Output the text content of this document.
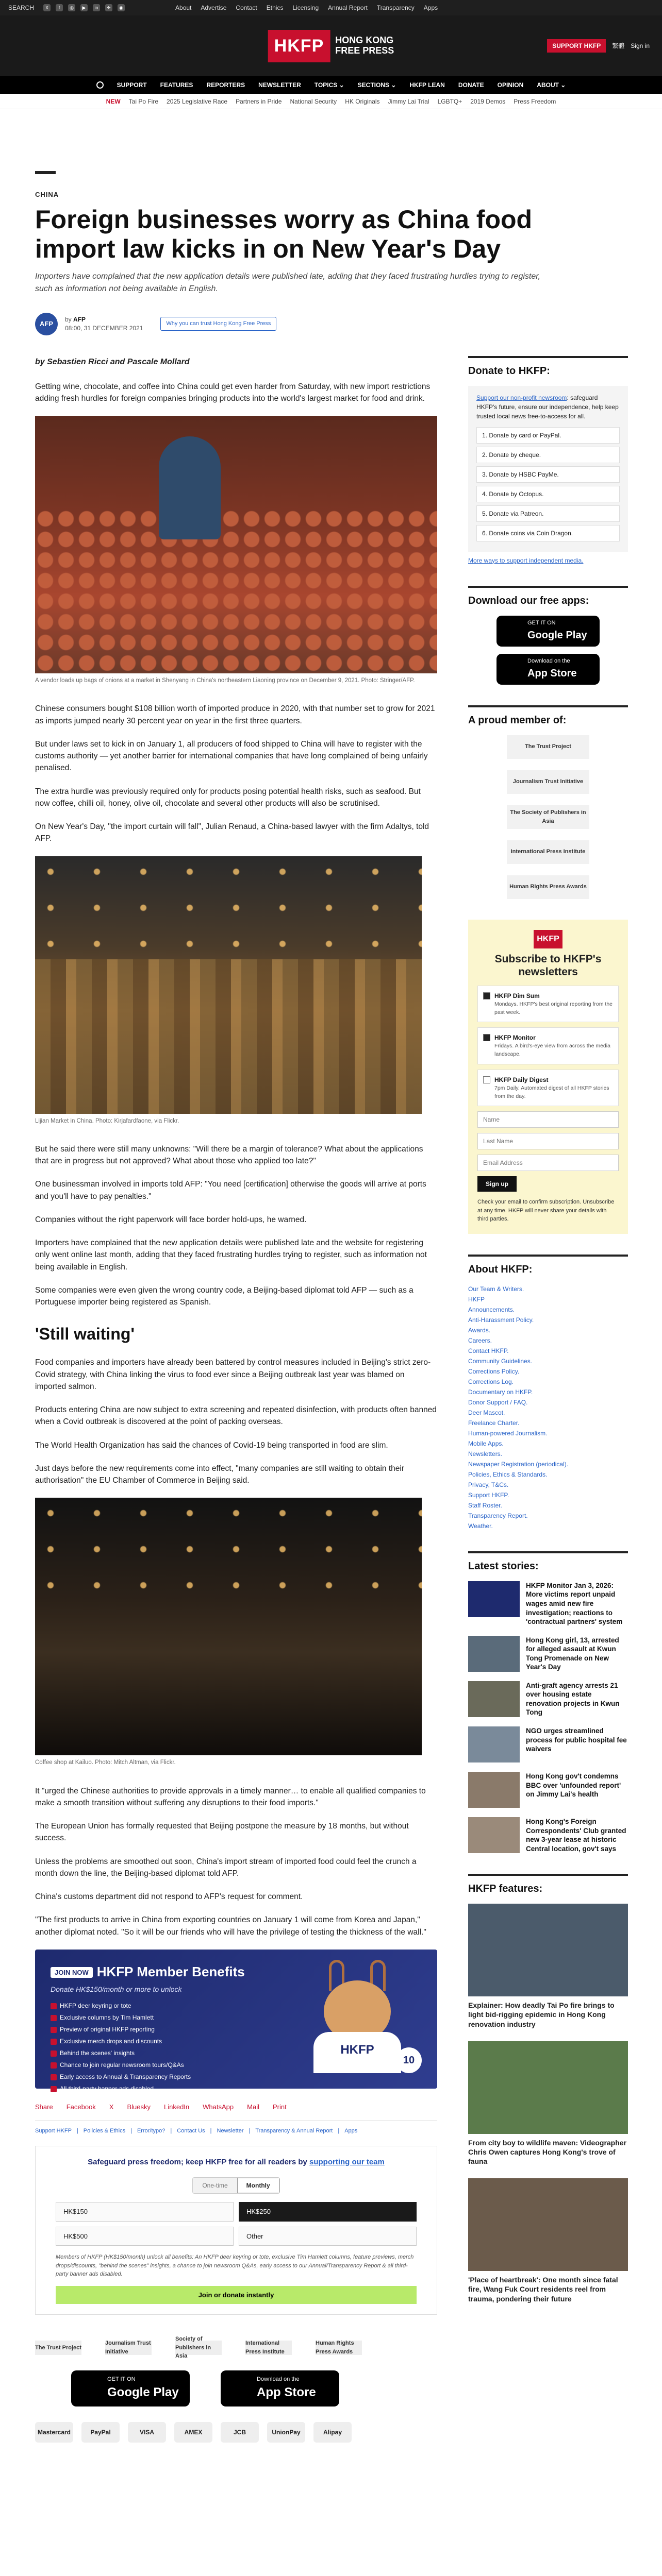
SEARCH	X	f	◎	▶	in	✈	◉	About Advertise Contact Ethics Licensing Annual Report Transparency Apps
HKFP	HONG KONG
FREE PRESS	SUPPORT HKFP	繁體 Sign in
SUPPORT FEATURES REPORTERS NEWSLETTER TOPICS ⌄ SECTIONS ⌄ HKFP LEAN DONATE OPINION ABOUT ⌄
NEW Tai Po Fire 2025 Legislative Race Partners in Pride National Security HK Originals Jimmy Lai Trial LGBTQ+ 2019 Demos Press Freedom
CHINA
Foreign businesses worry as China food import law kicks in on New Year's Day
Importers have complained that the new application details were published late, adding that they faced frustrating hurdles trying to register, such as information not being available in English.
AFP
by AFP
08:00, 31 DECEMBER 2021
Why you can trust Hong Kong Free Press
by Sebastien Ricci and Pascale Mollard

Getting wine, chocolate, and coffee into China could get even harder from Saturday, with new import restrictions adding fresh hurdles for foreign companies bringing products into the world's largest market for food and drink.

A vendor loads up bags of onions at a market in Shenyang in China's northeastern Liaoning province on December 9, 2021. Photo: Stringer/AFP.

Chinese consumers bought $108 billion worth of imported produce in 2020, with that number set to grow for 2021 as imports jumped nearly 30 percent year on year in the first three quarters.

But under laws set to kick in on January 1, all producers of food shipped to China will have to register with the customs authority — yet another barrier for international companies that have long complained of being unfairly penalised.

The extra hurdle was previously required only for products posing potential health risks, such as seafood. But now coffee, chilli oil, honey, olive oil, chocolate and several other products will also be scrutinised.

On New Year's Day, "the import curtain will fall", Julian Renaud, a China-based lawyer with the firm Adaltys, told AFP.

Lijian Market in China. Photo: Kirjafardfaone, via Flickr.

But he said there were still many unknowns: "Will there be a margin of tolerance? What about the applications that are in progress but not approved? What about those who applied too late?"

One businessman involved in imports told AFP: "You need [certification] otherwise the goods will arrive at ports and you'll have to pay penalties."

Companies without the right paperwork will face border hold-ups, he warned.

Importers have complained that the new application details were published late and the website for registering only went online last month, adding that they faced frustrating hurdles trying to register, such as information not being available in English.

Some companies were even given the wrong country code, a Beijing-based diplomat told AFP — such as a Portuguese importer being registered as Spanish.

'Still waiting'

Food companies and importers have already been battered by control measures included in Beijing's strict zero-Covid strategy, with China linking the virus to food ever since a Beijing outbreak last year was blamed on imported salmon.

Products entering China are now subject to extra screening and repeated disinfection, with products often banned when a Covid outbreak is discovered at the point of packing overseas.

The World Health Organization has said the chances of Covid-19 being transported in food are slim.

Just days before the new requirements come into effect, "many companies are still waiting to obtain their authorisation" the EU Chamber of Commerce in Beijing said.

Coffee shop at Kailuo. Photo: Mitch Altman, via Flickr.

It "urged the Chinese authorities to provide approvals in a timely manner… to enable all qualified companies to make a smooth transition without suffering any disruptions to their food imports."

The European Union has formally requested that Beijing postpone the measure by 18 months, but without success.

Unless the problems are smoothed out soon, China's import stream of imported food could feel the crunch a month down the line, the Beijing-based diplomat told AFP.

China's customs department did not respond to AFP's request for comment.

"The first products to arrive in China from exporting countries on January 1 will come from Korea and Japan," another diplomat noted. "So it will be our friends who will have the privilege of testing the thickness of the wall."

JOIN NOW HKFP Member Benefits
Donate HK$150/month or more to unlock
HKFP deer keyring or tote
Exclusive columns by Tim Hamlett
Preview of original HKFP reporting
Exclusive merch drops and discounts
Behind the scenes' insights
Chance to join regular newsroom tours/Q&As
Early access to Annual & Transparency Reports
All third-party banner ads disabled
HKFP
10
Share Facebook X Bluesky LinkedIn WhatsApp Mail Print
Support HKFP | Policies & Ethics | Error/typo? | Contact Us | Newsletter | Transparency & Annual Report | Apps
Safeguard press freedom; keep HKFP free for all readers by supporting our team
One-time	Monthly
HK$150	HK$250
HK$500	Other
Members of HKFP (HK$150/month) unlock all benefits: An HKFP deer keyring or tote, exclusive Tim Hamlett columns, feature previews, merch drops/discounts, "behind the scenes" insights, a chance to join newsroom Q&As, early access to our Annual/Transparency Report & all third-party banner ads disabled.
Join or donate instantly
The Trust Project
Journalism Trust Initiative
Society of Publishers in Asia
International Press Institute
Human Rights Press Awards
GET IT ON
Google Play
Download on the
App Store
Mastercard	PayPal	VISA	AMEX	JCB	UnionPay	Alipay
Donate to HKFP:

Support our non-profit newsroom: safeguard HKFP's future, ensure our independence, help keep trusted local news free-to-access for all.

1. Donate by card or PayPal.
2. Donate by cheque.
3. Donate by HSBC PayMe.
4. Donate by Octopus.
5. Donate via Patreon.
6. Donate coins via Coin Dragon.
More ways to support independent media.
Download our free apps:
GET IT ON
Google Play
Download on the
App Store
A proud member of:
The Trust Project
Journalism Trust Initiative
The Society of Publishers in Asia
International Press Institute
Human Rights Press Awards
HKFP
Subscribe to HKFP's newsletters
HKFP Dim Sum
Mondays. HKFP's best original reporting from the past week.
HKFP Monitor
Fridays. A bird's-eye view from across the media landscape.
HKFP Daily Digest
7pm Daily. Automated digest of all HKFP stories from the day.
Name
Last Name
Email Address
Sign up
Check your email to confirm subscription. Unsubscribe at any time. HKFP will never share your details with third parties.
About HKFP:
Our Team & Writers.
HKFP
Announcements.
Anti-Harassment Policy.
Awards.
Careers.
Contact HKFP.
Community Guidelines.
Corrections Policy.
Corrections Log.
Documentary on HKFP.
Donor Support / FAQ.
Deer Mascot.
Freelance Charter.
Human-powered Journalism.
Mobile Apps.
Newsletters.
Newspaper Registration (periodical).
Policies, Ethics & Standards.
Privacy, T&Cs.
Support HKFP.
Staff Roster.
Transparency Report.
Weather.
Latest stories:
HKFP Monitor Jan 3, 2026: More victims report unpaid wages amid new fire investigation; reactions to 'contractual partners' system
Hong Kong girl, 13, arrested for alleged assault at Kwun Tong Promenade on New Year's Day
Anti-graft agency arrests 21 over housing estate renovation projects in Kwun Tong
NGO urges streamlined process for public hospital fee waivers
Hong Kong gov't condemns BBC over 'unfounded report' on Jimmy Lai's health
Hong Kong's Foreign Correspondents' Club granted new 3-year lease at historic Central location, gov't says
HKFP features:
Explainer: How deadly Tai Po fire brings to light bid-rigging epidemic in Hong Kong renovation industry
From city boy to wildlife maven: Videographer Chris Owen captures Hong Kong's trove of fauna
'Place of heartbreak': One month since fatal fire, Wang Fuk Court residents reel from trauma, pondering their future
